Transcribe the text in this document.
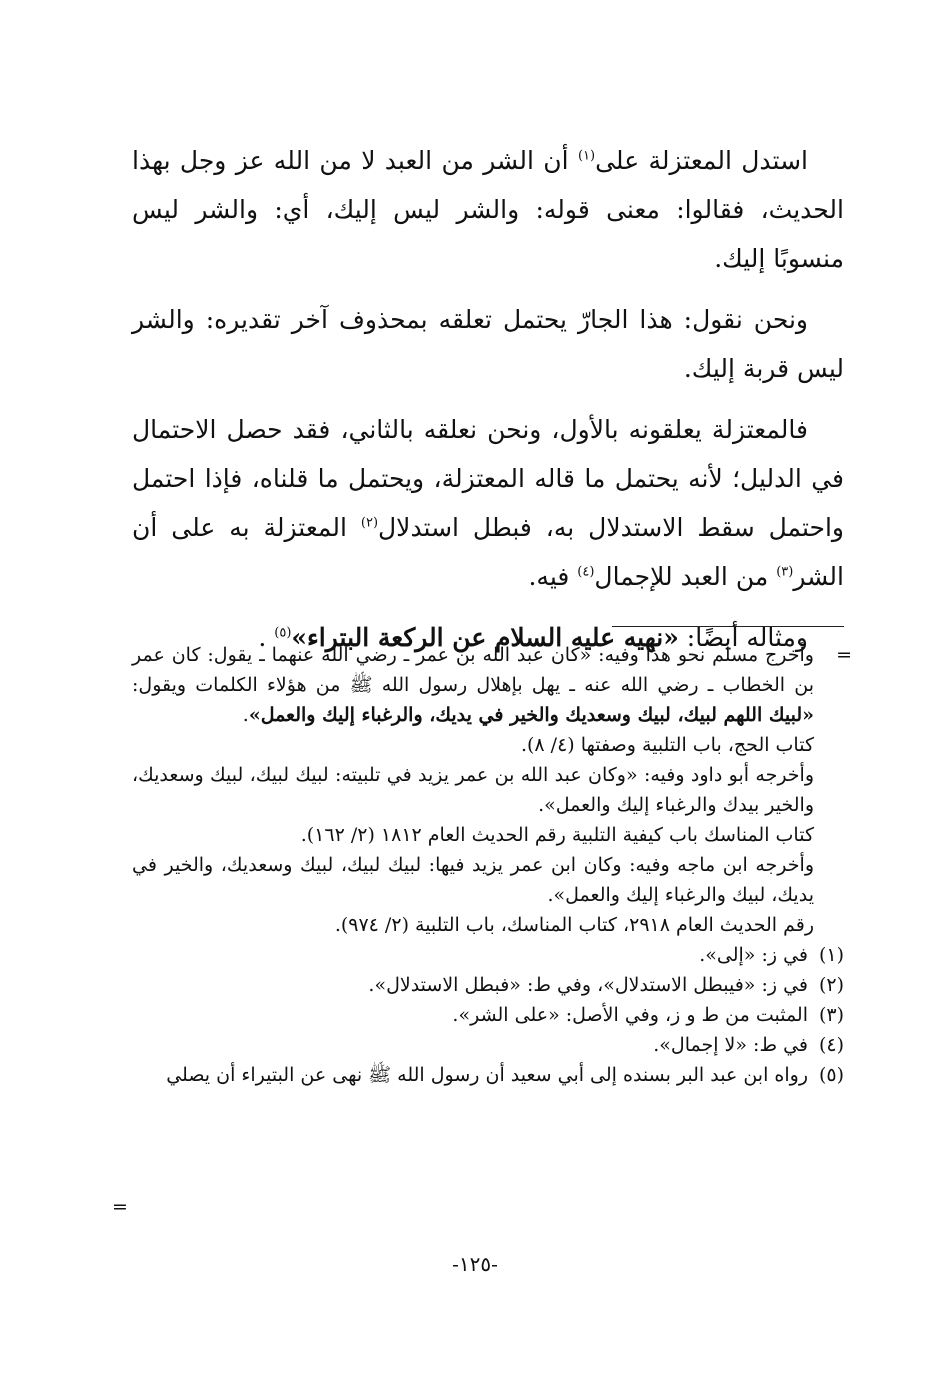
استدل المعتزلة على$^{(١)}$ أن الشر من العبد لا من الله عز وجل بهذا الحديث، فقالوا: معنى قوله: والشر ليس إليك، أي: والشر ليس منسوبًا إليك.

ونحن نقول: هذا الجارّ يحتمل تعلقه بمحذوف آخر تقديره: والشر ليس قربة إليك.

فالمعتزلة يعلقونه بالأول، ونحن نعلقه بالثاني، فقد حصل الاحتمال في الدليل؛ لأنه يحتمل ما قاله المعتزلة، ويحتمل ما قلناه، فإذا احتمل واحتمل سقط الاستدلال به، فبطل استدلال$^{(٢)}$ المعتزلة به على أن الشر$^{(٣)}$ من العبد للإجمال$^{(٤)}$ فيه.

ومثاله أيضًا: «نهيه عليه السلام عن الركعة البتراء»$^{(٥)}$ .

=

وأخرج مسلم نحو هذا وفيه: «كان عبد الله بن عمر ـ رضي الله عنهما ـ يقول: كان عمر بن الخطاب ـ رضي الله عنه ـ يهل بإهلال رسول الله ﷺ من هؤلاء الكلمات ويقول: «لبيك اللهم لبيك، لبيك وسعديك والخير في يديك، والرغباء إليك والعمل».

كتاب الحج، باب التلبية وصفتها (٤/ ٨).

وأخرجه أبو داود وفيه: «وكان عبد الله بن عمر يزيد في تلبيته: لبيك لبيك، لبيك وسعديك، والخير بيدك والرغباء إليك والعمل».

كتاب المناسك باب كيفية التلبية رقم الحديث العام ١٨١٢ (٢/ ١٦٢).

وأخرجه ابن ماجه وفيه: وكان ابن عمر يزيد فيها: لبيك لبيك، لبيك وسعديك، والخير في يديك، لبيك والرغباء إليك والعمل».

رقم الحديث العام ٢٩١٨، كتاب المناسك، باب التلبية (٢/ ٩٧٤).

(١)في ز: «إلى».

(٢)في ز: «فيبطل الاستدلال»، وفي ط: «فبطل الاستدلال».

(٣)المثبت من ط و ز، وفي الأصل: «على الشر».

(٤)في ط: «لا إجمال».

(٥)رواه ابن عبد البر بسنده إلى أبي سعيد أن رسول الله ﷺ نهى عن البتيراء أن يصلي

=
-١٢٥-
